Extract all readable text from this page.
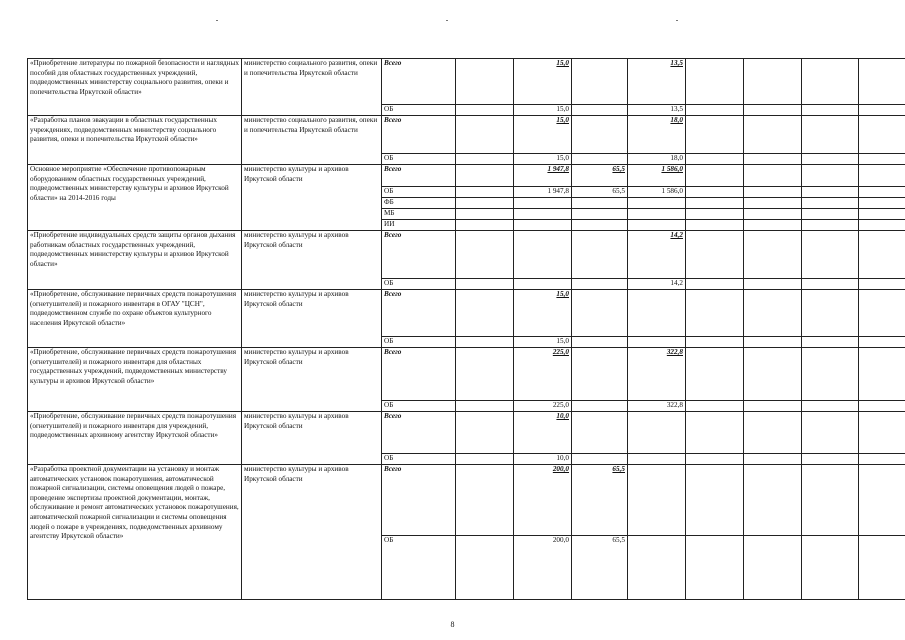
«Приобретение литературы по пожарной безопасности и наглядных пособий для областных государственных учреждений, подведомственных министерству социального развития, опеки и попечительства Иркутской области»	министерство социального развития, опеки и попечительства Иркутской области	Всего		15,0		13,5				
		ОБ		15,0		13,5				
«Разработка планов эвакуации в областных государственных учреждениях, подведомственных министерству социального развития, опеки и попечительства Иркутской области»	министерство социального развития, опеки и попечительства Иркутской области	Всего		15,0		18,0				
		ОБ		15,0		18,0				
Основное мероприятие «Обеспечение противопожарным оборудованием областных государственных учреждений, подведомственных министерству культуры и архивов Иркутской области» на 2014-2016 годы	министерство культуры и архивов Иркутской области	Всего		1 947,8	65,5	1 586,0				
		ОБ		1 947,8	65,5	1 586,0				
		ФБ								
		МБ								
		ИИ								
«Приобретение индивидуальных средств защиты органов дыхания работникам областных государственных учреждений, подведомственных министерству культуры и архивов Иркутской области»	министерство культуры и архивов Иркутской области	Всего				14,2				
		ОБ				14,2				
«Приобретение, обслуживание первичных средств пожаротушения (огнетушителей) и пожарного инвентаря в ОГАУ "ЦСН", подведомственном службе по охране объектов культурного населения Иркутской области»	министерство культуры и архивов Иркутской области	Всего		15,0						
		ОБ		15,0						
«Приобретение, обслуживание первичных средств пожаротушения (огнетушителей) и пожарного инвентаря для областных государственных учреждений, подведомственных министерству культуры и архивов Иркутской области»	министерство культуры и архивов Иркутской области	Всего		225,0		322,8				
		ОБ		225,0		322,8				
«Приобретение, обслуживание первичных средств пожаротушения (огнетушителей) и пожарного инвентаря для учреждений, подведомственных архивному агентству Иркутской области»	министерство культуры и архивов Иркутской области	Всего		10,0						
		ОБ		10,0						
«Разработка проектной документации на установку и монтаж автоматических установок пожаротушения, автоматической пожарной сигнализации, системы оповещения людей о пожаре, проведение экспертизы проектной документации, монтаж, обслуживание и ремонт автоматических установок пожаротушения, автоматической пожарной сигнализации и системы оповещения людей о пожаре в учреждениях, подведомственных архивному агентству Иркутской области»	министерство культуры и архивов Иркутской области	Всего		200,0	65,5					
		ОБ		200,0	65,5					
8
